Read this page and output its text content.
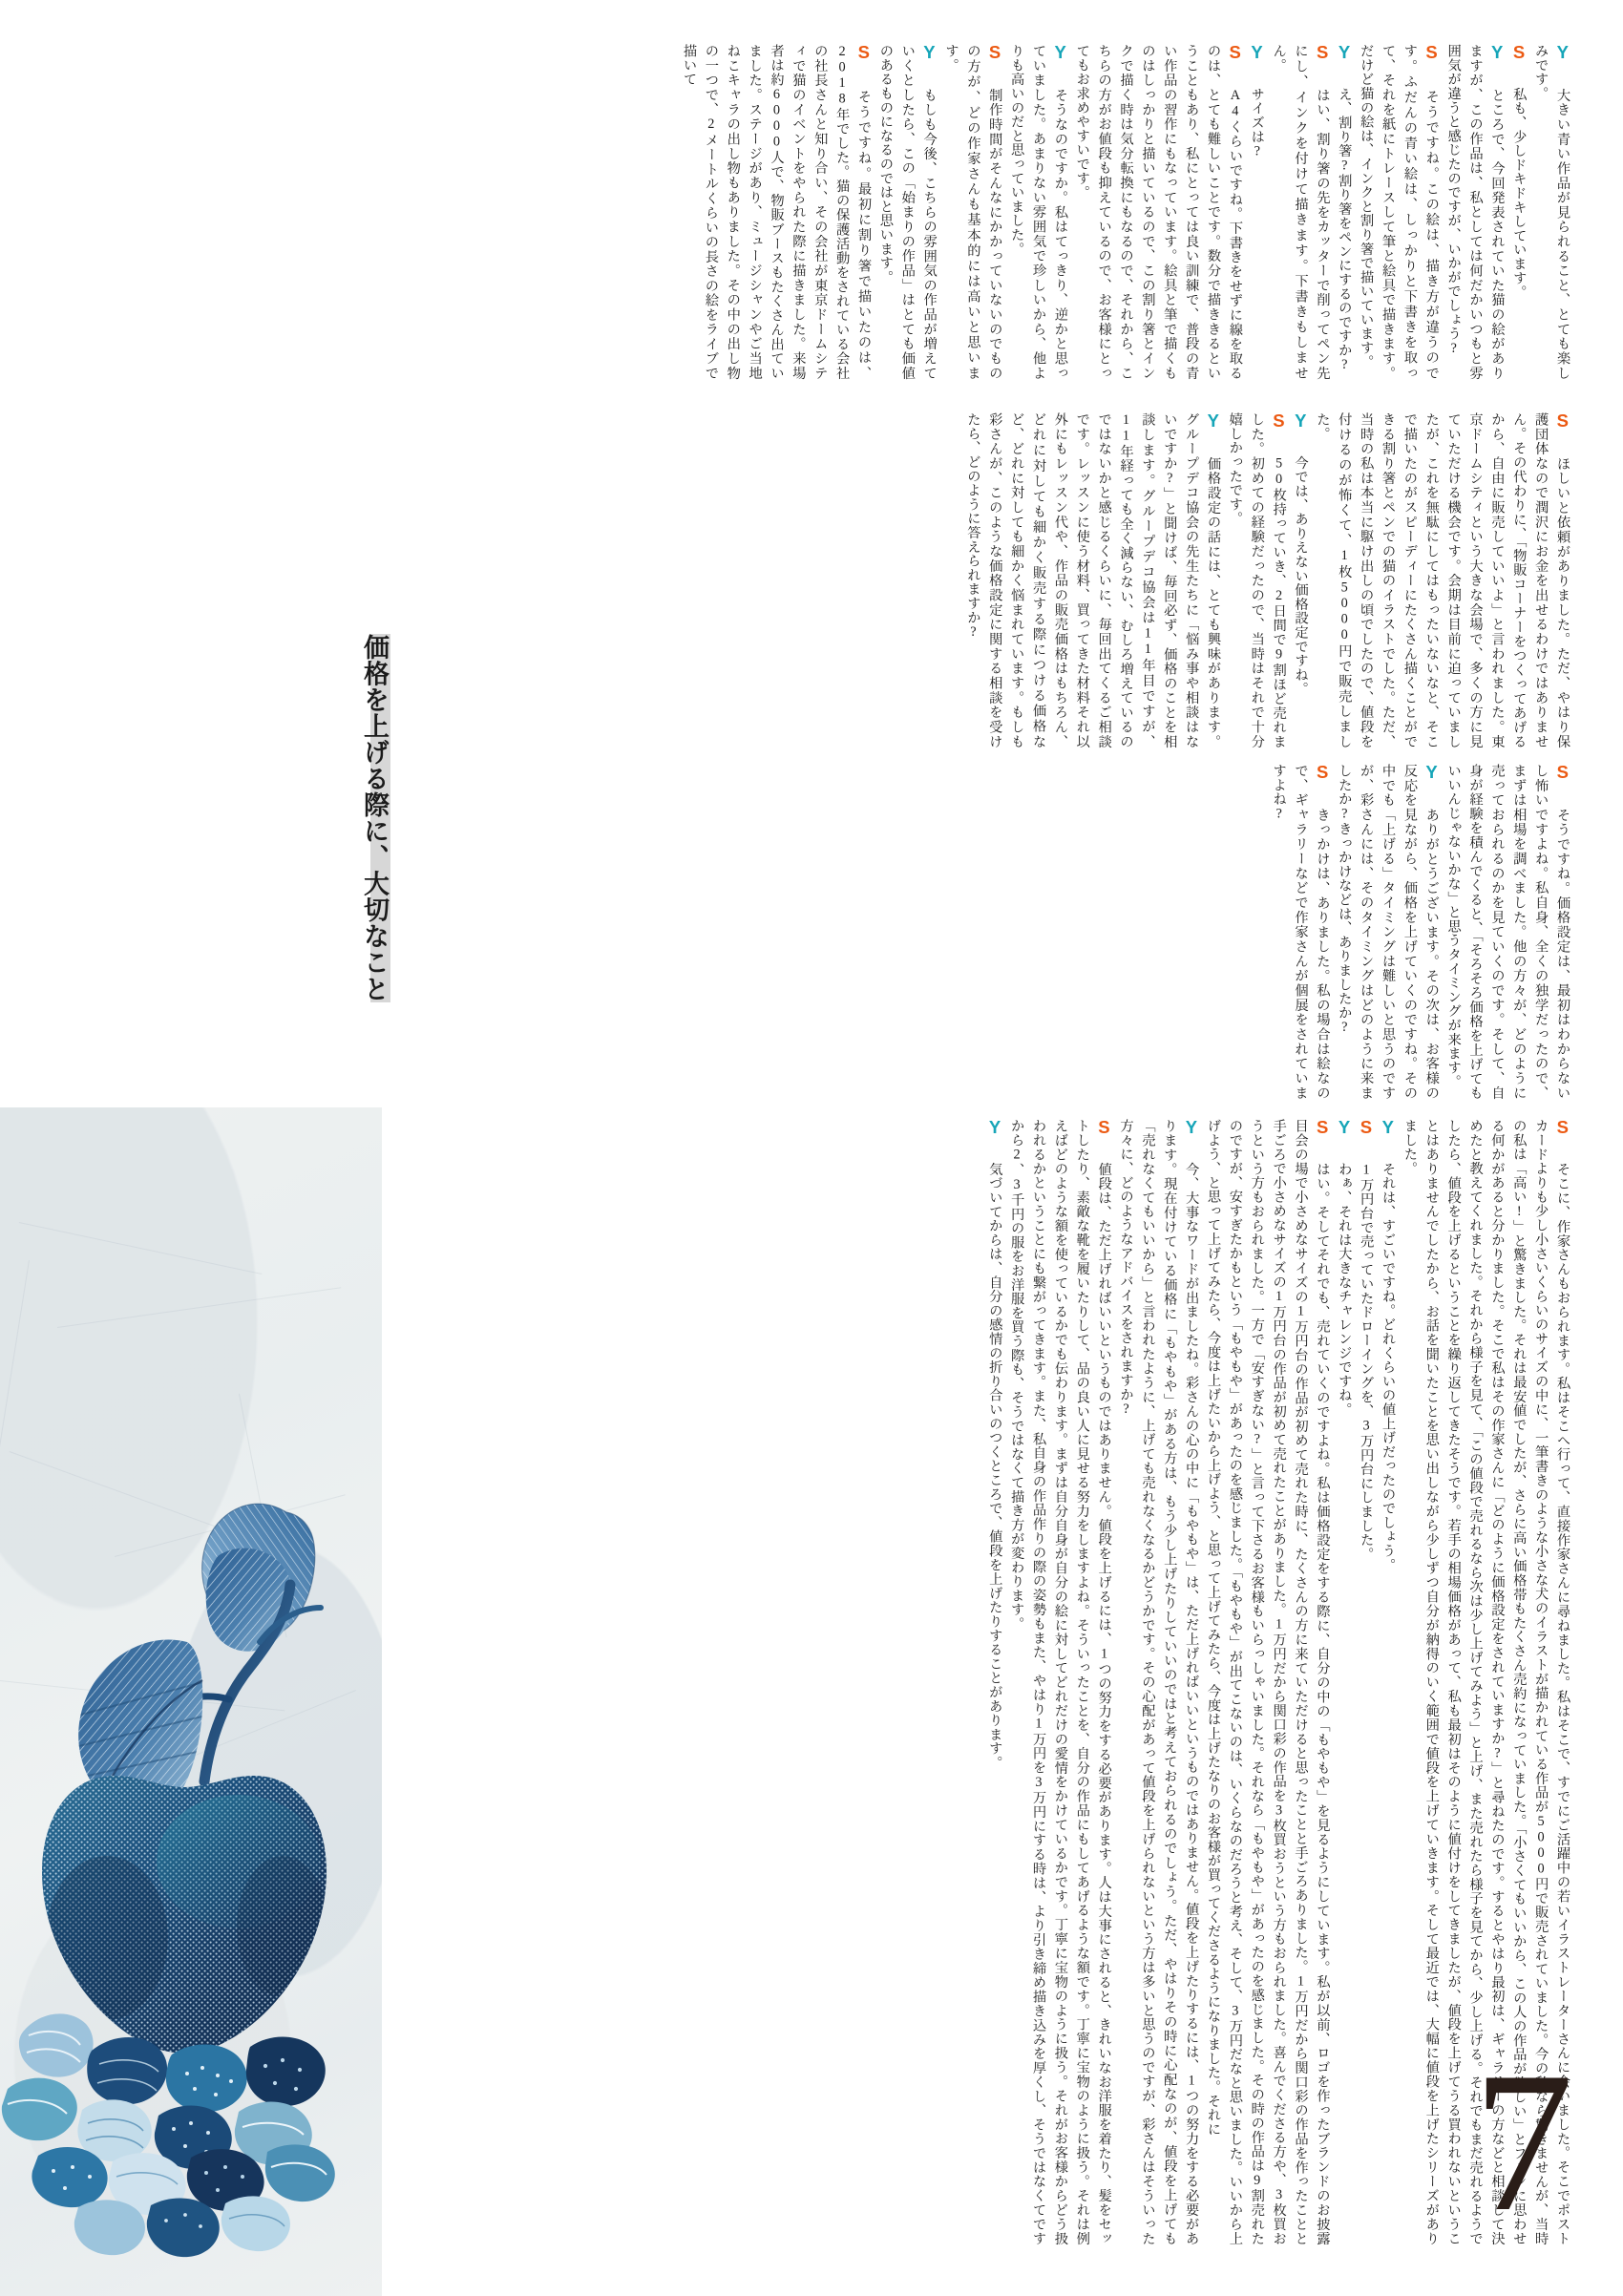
Y　大きい青い作品が見られること、とても楽しみです。
S　私も、少しドキドキしています。
Y　ところで、今回発表されていた猫の絵がありますが、この作品は、私としては何だかいつもと雰囲気が違うと感じたのですが、いかがでしょう?
S　そうですね。この絵は、描き方が違うのです。ふだんの青い絵は、しっかりと下書きを取って、それを紙にトレースして筆と絵具で描きます。だけど猫の絵は、インクと割り箸で描いています。
Y　え、割り箸?割り箸をペンにするのですか?
S　はい、割り箸の先をカッターで削ってペン先にし、インクを付けて描きます。下書きもしません。
Y　サイズは?
S　A4くらいですね。下書きをせずに線を取るのは、とても難しいことです。数分で描ききるということもあり、私にとっては良い訓練で、普段の青い作品の習作にもなっています。絵具と筆で描くものはしっかりと描いているので、この割り箸とインクで描く時は気分転換にもなるので、それから、こちらの方がお値段も抑えているので、お客様にとってもお求めやすいです。
Y　そうなのですか。私はてっきり、逆かと思っていました。あまりない雰囲気で珍しいから、他よりも高いのだと思っていました。
S　制作時間がそんなにかかっていないのでものの方が、どの作家さんも基本的には高いと思います。
Y　もしも今後、こちらの雰囲気の作品が増えていくとしたら、この「始まりの作品」はとても価値のあるものになるのではと思います。
S　そうですね。最初に割り箸で描いたのは、2018年でした。猫の保護活動をされている会社の社長さんと知り合い、その会社が東京ドームシティで猫のイベントをやられた際に描きました。来場者は約6000人で、物販ブースもたくさん出ていました。ステージがあり、ミュージシャンやご当地ねこキャラの出し物もありました。その中の出し物の一つで、2メートルくらいの長さの絵をライブで描いて
S　ほしいと依頼がありました。ただ、やはり保護団体なので潤沢にお金を出せるわけではありません。その代わりに、「物販コーナーをつくってあげるから、自由に販売していいよ」と言われました。東京ドームシティという大きな会場で、多くの方に見ていただける機会です。会期は目前に迫っていましたが、これを無駄にしてはもったいないなと、そこで描いたのがスピーディーにたくさん描くことができる割り箸とペンでの猫のイラストでした。ただ、当時の私は本当に駆け出しの頃でしたので、値段を付けるのが怖くて、1枚5000円で販売しました。
Y　今では、ありえない価格設定ですね。
S　50枚持っていき、2日間で9割ほど売れました。初めての経験だったので、当時はそれで十分嬉しかったです。
Y　価格設定の話には、とても興味があります。グループデコ協会の先生たちに「悩み事や相談はないですか?」と聞けば、毎回必ず、価格のことを相談します。グループデコ協会は11年目ですが、11年経っても全く減らない、むしろ増えているのではないかと感じるくらいに、毎回出てくるご相談です。レッスンに使う材料、買ってきた材料それ以外にもレッスン代や、作品の販売価格はもちろん、どれに対しても細かく販売する際につける価格など、どれに対しても細かく悩まれています。もしも彩さんが、このような価格設定に関する相談を受けたら、どのように答えられますか?
S　そうですね。価格設定は、最初はわからないし怖いですよね。私自身、全くの独学だったので、まずは相場を調べました。他の方々が、どのように売っておられるのかを見ていくのです。そして、自身が経験を積んでくると、「そろそろ価格を上げてもいいんじゃないかな」と思うタイミングが来ます。
Y　ありがとうございます。その次は、お客様の反応を見ながら、価格を上げていくのですね。その中でも「上げる」タイミングは難しいと思うのですが、彩さんには、そのタイミングはどのように来ましたか?きっかけなどは、ありましたか?
S　きっかけは、ありました。私の場合は絵なので、ギャラリーなどで作家さんが個展をされていますよね?
S　そこに、作家さんもおられます。私はそこへ行って、直接作家さんに尋ねました。私はそこで、すでにご活躍中の若いイラストレーターさんに会いました。そこでポストカードよりも少し小さいくらいのサイズの中に、一筆書きのような小さな犬のイラストが描かれている作品が5000円で販売されていました。今の私なら驚きませんが、当時の私は「高い!」と驚きました。それは最安値でしたが、さらに高い価格帯もたくさん売約になっていました。「小さくてもいいから、この人の作品が欲しい」とファンに思わせる何かがあると分かりました。そこで私はその作家さんに「どのように価格設定をされていますか?」と尋ねたのです。するとやはり最初は、ギャラリーの方などと相談して決めたと教えてくれました。それから様子を見て、「この値段で売れるなら次は少し上げてみよう」と上げ、また売れたら様子を見てから、少し上げる。それでもまだ売れるようでしたら、値段を上げるということを繰り返してきたそうです。若手の相場価格があって、私も最初はそのように値付けをしてきましたが、値段を上げてうる買われないということはありませんでしたから、お話を聞いたことを思い出しながら少しずつ自分が納得のいく範囲で値段を上げていきます。そして最近では、大幅に値段を上げたシリーズがありました。
Y　それは、すごいですね。どれくらいの値上げだったのでしょう。
S　1万円台で売っていたドローイングを、3万円台にしました。
Y　わぁ、それは大きなチャレンジですね。
S　はい。そしてそれでも、売れていくのですよね。私は価格設定をする際に、自分の中の「もやもや」を見るようにしています。私が以前、ロゴを作ったブランドのお披露目会の場で小さめなサイズの1万円台の作品が初めて売れた時に、たくさんの方に来ていただけると思ったことと手ごろありました。1万円だから関口彩の作品を作ったことと手ごろで小さめなサイズの1万円台の作品が初めて売れたことがありました。1万円だから関口彩の作品を3枚買おうという方もおられました。喜んでくださる方や、3枚買おうという方もおられました。一方で「安すぎない?」と言って下さるお客様もいらっしゃいました。それなら「もやもや」があったのを感じました。その時の作品は9割売れたのですが、安すぎたかもという「もやもや」があったのを感じました。「もやもや」が出てこないのは、いくらなのだろうと考え、そして、3万円だなと思いました。いいから上げよう、と思って上げてみたら、今度は上げたいから上げよう、と思って上げてみたら、今度は上げたなりのお客様が買ってくださるようになりました。それに
Y　今、大事なワードが出ましたね。彩さんの心の中に「もやもや」は、ただ上げればいいというものではありません。値段を上げたりするには、1つの努力をする必要があります。現在付けている価格に「もやもや」がある方は、もう少し上げたりしていいのではと考えておられるのでしょう。ただ、やはりその時に心配なのが、値段を上げても「売れなくてもいいから」と言われたように、上げても売れなくなるかどうかです。その心配があって値段を上げられないという方は多いと思うのですが、彩さんはそういった方々に、どのようなアドバイスをされますか?
S　値段は、ただ上げればいいというものではありません。値段を上げるには、1つの努力をする必要があります。人は大事にされると、きれいなお洋服を着たり、髪をセットしたり、素敵な靴を履いたりして、品の良い人に見せる努力をしますよね。そういったことを、自分の作品にもしてあげるような額です。丁寧に宝物のように扱う。それは例えばどのような額を使っているかでも伝わります。まずは自分自身が自分の絵に対してどれだけの愛情をかけているかです。丁寧に宝物のように扱う。それがお客様からどう扱われるかということにも繋がってきます。また、私自身の作品作りの際の姿勢もまた、やはり1万円を3万円にする時は、より引き締め描き込みを厚くし、そうではなくてですから2、3千円の服をお洋服を買う際も、そうではなくて描き方が変わります。
Y　気づいてからは、自分の感情の折り合いのつくところで、値段を上げたりすることがあります。
価格を上げる際に、大切なこと
7
